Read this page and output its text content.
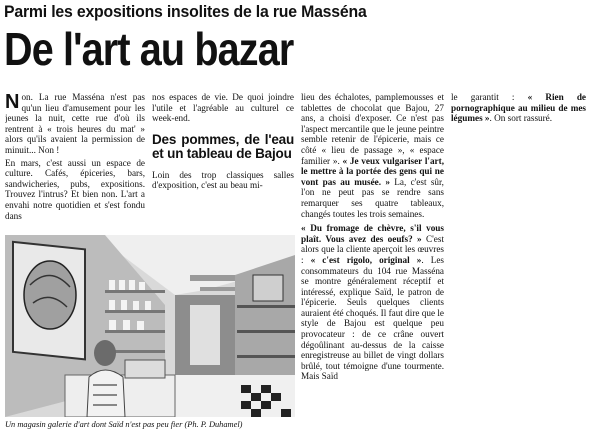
Parmi les expositions insolites de la rue Masséna
De l'art au bazar

Non. La rue Masséna n'est pas qu'un lieu d'amusement pour les jeunes la nuit, cette rue d'où ils rentrent à « trois heures du mat' » alors qu'ils avaient la permission de minuit... Non !

En mars, c'est aussi un espace de culture. Cafés, épiceries, bars, sandwicheries, pubs, expositions. Trouvez l'intrus? Et bien non. L'art a envahi notre quotidien et s'est fondu dans

nos espaces de vie. De quoi joindre l'utile et l'agréable au culturel ce week-end.

Des pommes, de l'eau et un tableau de Bajou

Loin des trop classiques salles d'exposition, c'est au beau mi-

lieu des échalotes, pamplemousses et tablettes de chocolat que Bajou, 27 ans, a choisi d'exposer. Ce n'est pas l'aspect mercantile que le jeune peintre semble retenir de l'épicerie, mais ce côté « lieu de passage », « espace familier ». « Je veux vulgariser l'art, le mettre à la portée des gens qui ne vont pas au musée. » La, c'est sûr, l'on ne peut pas se rendre sans remarquer ses quatre tableaux, changés toutes les trois semaines.

« Du fromage de chèvre, s'il vous plaît. Vous avez des oeufs? » C'est alors que la cliente aperçoit les œuvres : « c'est rigolo, original ». Les consommateurs du 104 rue Masséna se montre généralement réceptif et intéressé, explique Saïd, le patron de l'épicerie. Seuls quelques clients auraient été choqués. Il faut dire que le style de Bajou est quelque peu provocateur : de ce crâne ouvert dégoûlinant au-dessus de la caisse enregistreuse au billet de vingt dollars brûlé, tout témoigne d'une tourmente. Mais Saïd

le garantit : « Rien de pornographique au milieu de mes légumes ». On sort rassuré.

Un magasin galerie d'art dont Saïd n'est pas peu fier (Ph. P. Duhamel)
